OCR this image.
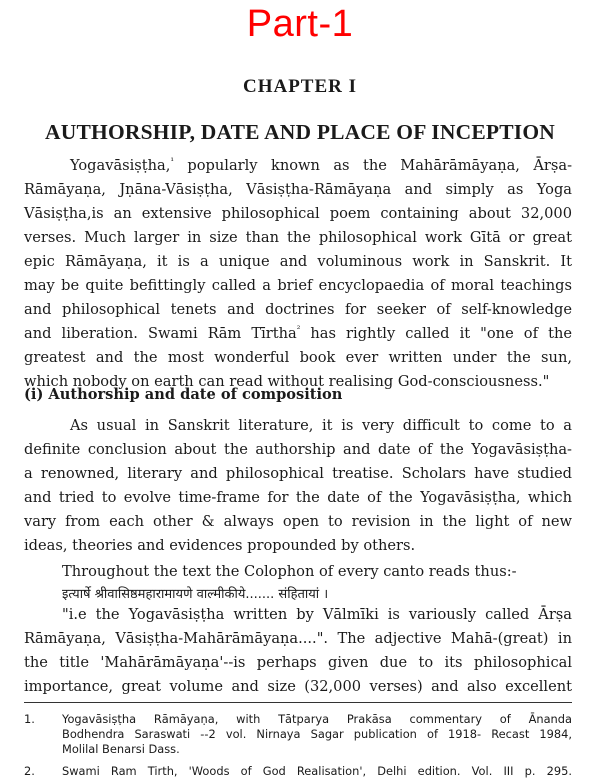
Part-1
CHAPTER I
AUTHORSHIP, DATE AND PLACE OF INCEPTION
Yogavāsiṣṭha,$^{^1}$ popularly known as the Mahārāmāyaṇa, Ārṣa-
Rāmāyaṇa, Jṇāna-Vāsiṣṭha, Vāsiṣṭha-Rāmāyaṇa and simply as Yoga
Vāsiṣṭha,is an extensive philosophical poem containing about 32,000
verses. Much larger in size than the philosophical work Gītā or great
epic Rāmāyaṇa, it is a unique and voluminous work in Sanskrit. It
may be quite befittingly called a brief encyclopaedia of moral teachings
and philosophical tenets and doctrines for seeker of self-knowledge
and liberation. Swami Rām Tīrtha$^{^2}$ has rightly called it "one of the
greatest and the most wonderful book ever written under the sun,
which nobody on earth can read without realising God-consciousness."
(i) Authorship and date of composition
As usual in Sanskrit literature, it is very difficult to come to a
definite conclusion about the authorship and date of the Yogavāsiṣṭha-
a renowned, literary and philosophical treatise. Scholars have studied
and tried to evolve time-frame for the date of the Yogavāsiṣṭha, which
vary from each other & always open to revision in the light of new
ideas, theories and evidences propounded by others.
Throughout the text the Colophon of every canto reads thus:-
इत्यार्षे श्रीवासिष्ठमहारामायणे वाल्मीकीये....... संहितायां ।
"i.e the Yogavāsiṣṭha written by Vālmīki is variously called Ārṣa
Rāmāyaṇa, Vāsiṣṭha-Mahārāmāyaṇa....". The adjective Mahā-(great) in
the title 'Mahārāmāyaṇa'--is perhaps given due to its philosophical
importance, great volume and size (32,000 verses) and also excellent
1. Yogavāsiṣṭha Rāmāyaṇa, with Tātparya Prakāsa commentary of Ānanda
Bodhendra Saraswati --2 vol. Nirnaya Sagar publication of 1918- Recast 1984,
Molilal Benarsi Dass.
2. Swami Ram Tirth, 'Woods of God Realisation', Delhi edition. Vol. III p. 295.
